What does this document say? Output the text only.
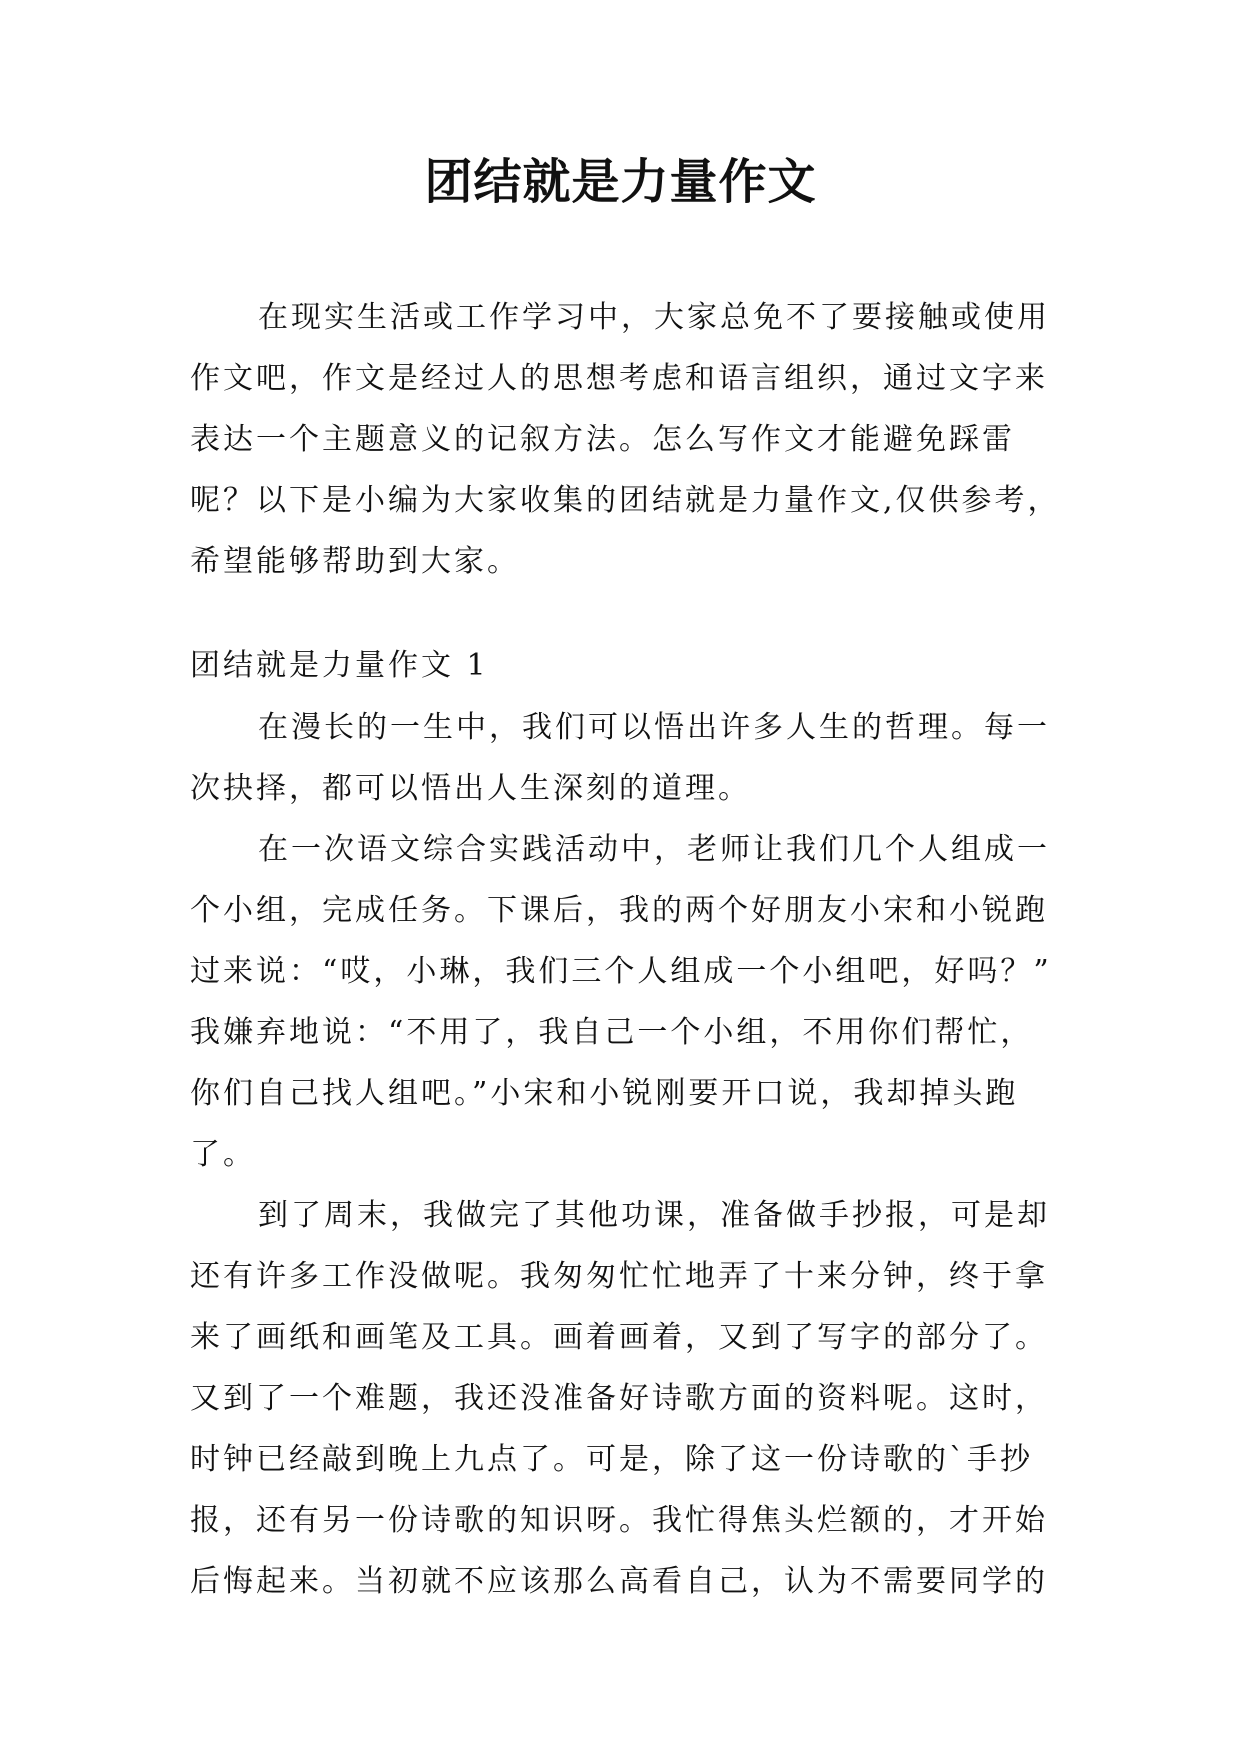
团结就是力量作文

在现实生活或工作学习中，大家总免不了要接触或使用

作文吧，作文是经过人的思想考虑和语言组织，通过文字来

表达一个主题意义的记叙方法。怎么写作文才能避免踩雷

呢？以下是小编为大家收集的团结就是力量作文,仅供参考，

希望能够帮助到大家。

团结就是力量作文 1

在漫长的一生中，我们可以悟出许多人生的哲理。每一

次抉择，都可以悟出人生深刻的道理。

在一次语文综合实践活动中，老师让我们几个人组成一

个小组，完成任务。下课后，我的两个好朋友小宋和小锐跑

过来说：“哎，小琳，我们三个人组成一个小组吧，好吗？”

我嫌弃地说：“不用了，我自己一个小组，不用你们帮忙，

你们自己找人组吧。”小宋和小锐刚要开口说，我却掉头跑

了。

到了周末，我做完了其他功课，准备做手抄报，可是却

还有许多工作没做呢。我匆匆忙忙地弄了十来分钟，终于拿

来了画纸和画笔及工具。画着画着，又到了写字的部分了。

又到了一个难题，我还没准备好诗歌方面的资料呢。这时，

时钟已经敲到晚上九点了。可是，除了这一份诗歌的`手抄

报，还有另一份诗歌的知识呀。我忙得焦头烂额的，才开始

后悔起来。当初就不应该那么高看自己，认为不需要同学的
